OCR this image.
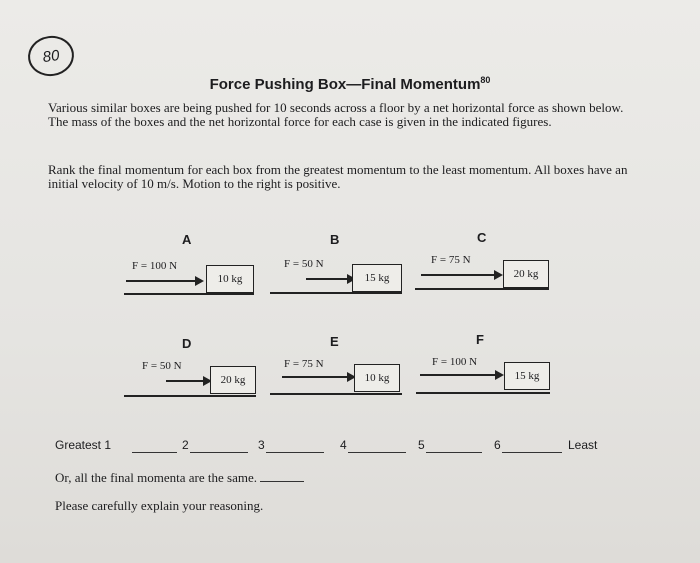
80
Force Pushing Box—Final Momentum$^{80}$
Various similar boxes are being pushed for 10 seconds across a floor by a net horizontal force as shown below. The mass of the boxes and the net horizontal force for each case is given in the indicated figures.
Rank the final momentum for each box from the greatest momentum to the least momentum. All boxes have an initial velocity of 10 m/s. Motion to the right is positive.
A
F = 100 N
10 kg
B
F = 50 N
15 kg
C
F = 75 N
20 kg
D
F = 50 N
20 kg
E
F = 75 N
10 kg
F
F = 100 N
15 kg
Greatest 1	2	3	4	5	6	Least
Or, all the final momenta are the same.
Please carefully explain your reasoning.
